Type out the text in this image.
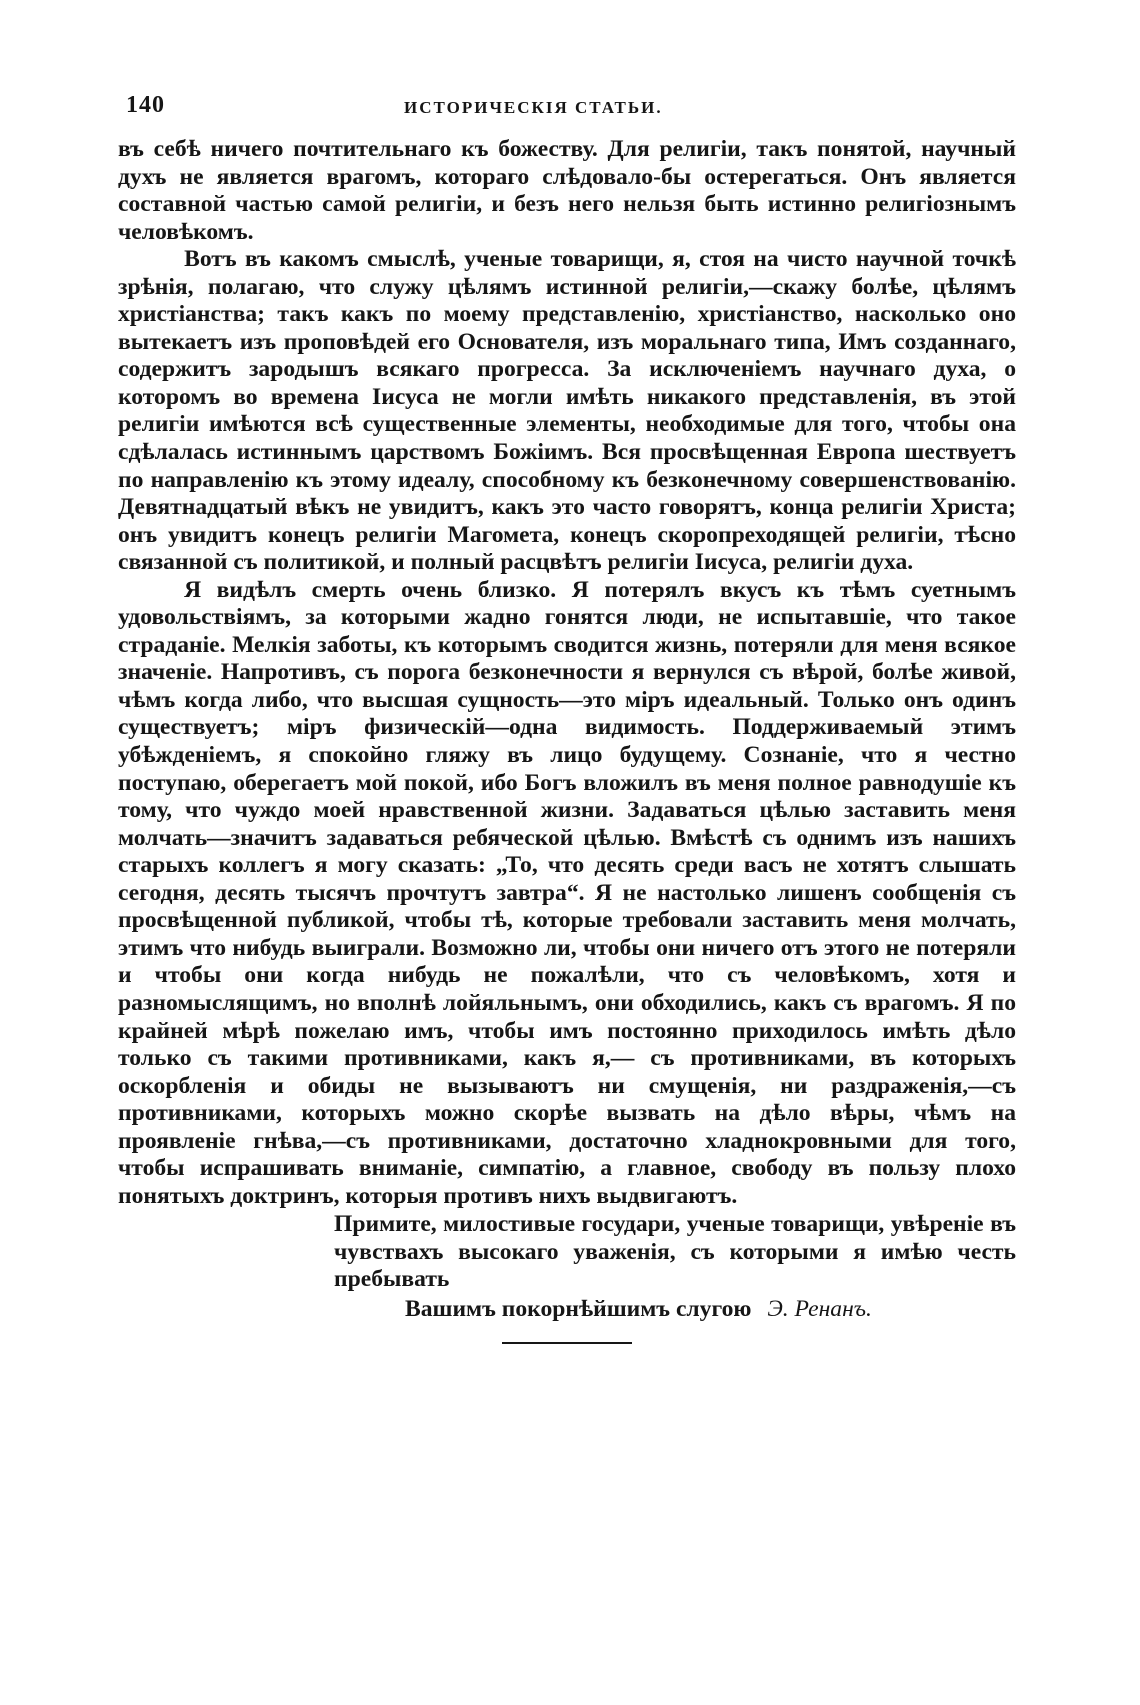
140	ИСТОРИЧЕСКІЯ СТАТЬИ.

въ себѣ ничего почтительнаго къ божеству. Для религіи, такъ понятой, научный духъ не является врагомъ, котораго слѣдовало-бы остерегаться. Онъ является составной частью самой религіи, и безъ него нельзя быть истинно религіознымъ человѣкомъ.

Вотъ въ какомъ смыслѣ, ученые товарищи, я, стоя на чисто научной точкѣ зрѣнія, полагаю, что служу цѣлямъ истинной религіи,—скажу болѣе, цѣлямъ христіанства; такъ какъ по моему представленію, христіанство, насколько оно вытекаетъ изъ проповѣдей его Основателя, изъ моральнаго типа, Имъ созданнаго, содержитъ зародышъ всякаго прогресса. За исключеніемъ научнаго духа, о которомъ во времена Іисуса не могли имѣть никакого представленія, въ этой религіи имѣются всѣ существенные элементы, необходимые для того, чтобы она сдѣлалась истиннымъ царствомъ Божіимъ. Вся просвѣщенная Европа шествуетъ по направленію къ этому идеалу, способному къ безконечному совершенствованію. Девятнадцатый вѣкъ не увидитъ, какъ это часто говорятъ, конца религіи Христа; онъ увидитъ конецъ религіи Магомета, конецъ скоропреходящей религіи, тѣсно связанной съ политикой, и полный расцвѣтъ религіи Іисуса, религіи духа.

Я видѣлъ смерть очень близко. Я потерялъ вкусъ къ тѣмъ суетнымъ удовольствіямъ, за которыми жадно гонятся люди, не испытавшіе, что такое страданіе. Мелкія заботы, къ которымъ сводится жизнь, потеряли для меня всякое значеніе. Напротивъ, съ порога безконечности я вернулся съ вѣрой, болѣе живой, чѣмъ когда либо, что высшая сущность—это міръ идеальный. Только онъ одинъ существуетъ; міръ физическій—одна видимость. Поддерживаемый этимъ убѣжденіемъ, я спокойно гляжу въ лицо будущему. Сознаніе, что я честно поступаю, оберегаетъ мой покой, ибо Богъ вложилъ въ меня полное равнодушіе къ тому, что чуждо моей нравственной жизни. Задаваться цѣлью заставить меня молчать—значитъ задаваться ребяческой цѣлью. Вмѣстѣ съ однимъ изъ нашихъ старыхъ коллегъ я могу сказать: „То, что десять среди васъ не хотятъ слышать сегодня, десять тысячъ прочтутъ завтра“. Я не настолько лишенъ сообщенія съ просвѣщенной публикой, чтобы тѣ, которые требовали заставить меня молчать, этимъ что нибудь выиграли. Возможно ли, чтобы они ничего отъ этого не потеряли и чтобы они когда нибудь не пожалѣли, что съ человѣкомъ, хотя и разномыслящимъ, но вполнѣ лойяльнымъ, они обходились, какъ съ врагомъ. Я по крайней мѣрѣ пожелаю имъ, чтобы имъ постоянно приходилось имѣть дѣло только съ такими противниками, какъ я,— съ противниками, въ которыхъ оскорбленія и обиды не вызываютъ ни смущенія, ни раздраженія,—съ противниками, которыхъ можно скорѣе вызвать на дѣло вѣры, чѣмъ на проявленіе гнѣва,—съ противниками, достаточно хладнокровными для того, чтобы испрашивать вниманіе, симпатію, а главное, свободу въ пользу плохо понятыхъ доктринъ, которыя противъ нихъ выдвигаютъ.

Примите, милостивые государи, ученые товарищи, увѣреніе въ чувствахъ высокаго уваженія, съ которыми я имѣю честь пребывать

Вашимъ покорнѣйшимъ слугою Э. Ренанъ.
